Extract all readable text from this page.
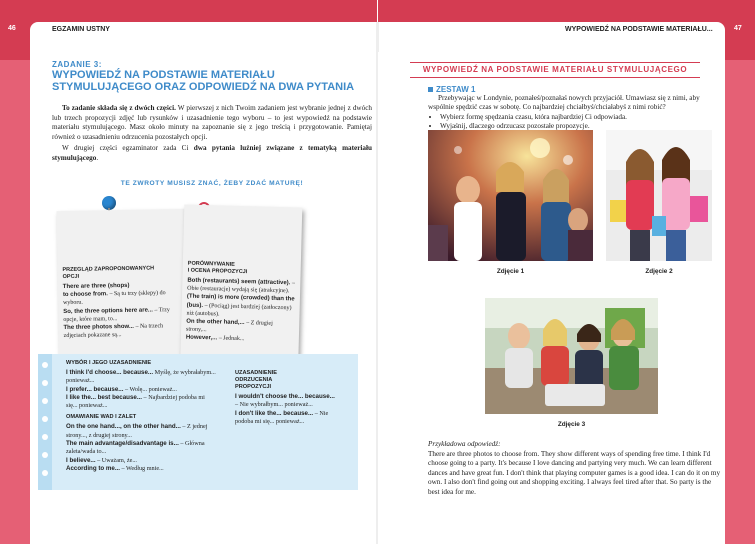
46	47
EGZAMIN USTNY	WYPOWIEDŹ NA PODSTAWIE MATERIAŁU...
ZADANIE 3:
WYPOWIEDŹ NA PODSTAWIE MATERIAŁU
STYMULUJĄCEGO ORAZ ODPOWIEDŹ NA DWA PYTANIA

To zadanie składa się z dwóch części. W pierwszej z nich Twoim zadaniem jest wybranie jednej z dwóch lub trzech propozycji zdjęć lub rysunków i uzasadnienie tego wyboru – to jest wypowiedź na podstawie materiału stymulującego. Masz około minuty na zapoznanie się z jego treścią i przygotowanie. Pamiętaj również o uzasadnieniu odrzucenia pozostałych opcji.

W drugiej części egzaminator zada Ci dwa pytania luźniej związane z tematyką materiału stymulującego.

TE ZWROTY MUSISZ ZNAĆ, ŻEBY ZDAĆ MATURĘ!
PRZEGLĄD ZAPROPONOWANYCH
OPCJI
There are three (shops)
to choose from. – Są tu trzy (sklepy) do wyboru.
So, the three options here are... – Trzy opcje, które mam, to...
The three photos show... – Na trzech zdjęciach pokazane są...
PORÓWNYWANIE
I OCENA PROPOZYCJI
Both (restaurants) seem (attractive). – Obie (restauracje) wydają się (atrakcyjne).
(The train) is more (crowded) than the (bus). – (Pociąg) jest bardziej (zatłoczony) niż (autobus).
On the other hand,... – Z drugiej strony,...
However,... – Jednak...
WYBÓR I JEGO UZASADNIENIE
I think I'd choose... because... Myślę, że wybrałabym... ponieważ...
I prefer... because... – Wolę... ponieważ...
I like the... best because... – Najbardziej podoba mi się... ponieważ...
OMAWIANIE WAD I ZALET
On the one hand..., on the other hand... – Z jednej strony..., z drugiej strony...
The main advantage/disadvantage is... – Główna zaleta/wada to...
I believe... – Uważam, że...
According to me... – Według mnie...
UZASADNIENIE
ODRZUCENIA
PROPOZYCJI
I wouldn't choose the... because... – Nie wybrałbym... ponieważ...
I don't like the... because... – Nie podoba mi się... ponieważ...
WYPOWIEDŹ NA PODSTAWIE MATERIAŁU STYMULUJĄCEGO
ZESTAW 1

Przebywając w Londynie, poznałeś/poznałaś nowych przyjaciół. Umawiasz się z nimi, aby wspólnie spędzić czas w sobotę. Co najbardziej chciałbyś/chciałabyś z nimi robić?

• Wybierz formę spędzania czasu, która najbardziej Ci odpowiada.
• Wyjaśnij, dlaczego odrzucasz pozostałe propozycje.
Zdjęcie 1	Zdjęcie 2
Zdjęcie 3
Przykładowa odpowiedź:
There are three photos to choose from. They show different ways of spending free time. I think I'd choose going to a party. It's because I love dancing and partying very much. We can learn different dances and have great fun. I don't think that playing computer games is a good idea. I can do it on my own. I also don't find going out and shopping exciting. I always feel tired after that. So party is the best idea for me.
